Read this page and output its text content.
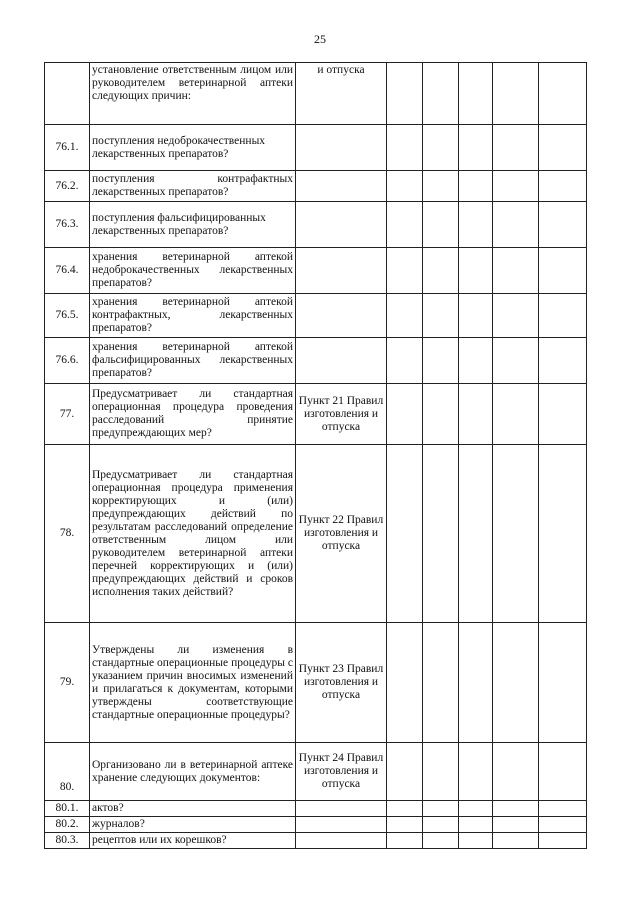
25
	установление ответственным лицом или руководителем ветеринарной аптеки следующих причин:	и отпуска					
76.1.	поступления недоброкачественных лекарственных препаратов?						
76.2.	поступления контрафактных лекарственных препаратов?						
76.3.	поступления фальсифицированных лекарственных препаратов?						
76.4.	хранения ветеринарной аптекой недоброкачественных лекарственных препаратов?						
76.5.	хранения ветеринарной аптекой контрафактных, лекарственных препаратов?						
76.6.	хранения ветеринарной аптекой фальсифицированных лекарственных препаратов?						
77.	Предусматривает ли стандартная операционная процедура проведения расследований принятие предупреждающих мер?	Пункт 21 Правил изготовления и отпуска					
78.	Предусматривает ли стандартная операционная процедура применения корректирующих и (или) предупреждающих действий по результатам расследований определение ответственным лицом или руководителем ветеринарной аптеки перечней корректирующих и (или) предупреждающих действий и сроков исполнения таких действий?	Пункт 22 Правил изготовления и отпуска					
79.	Утверждены ли изменения в стандартные операционные процедуры с указанием причин вносимых изменений и прилагаться к документам, которыми утверждены соответствующие стандартные операционные процедуры?	Пункт 23 Правил изготовления и отпуска					
80.	Организовано ли в ветеринарной аптеке хранение следующих документов:	Пункт 24 Правил изготовления и отпуска					
80.1.	актов?						
80.2.	журналов?						
80.3.	рецептов или их корешков?						
